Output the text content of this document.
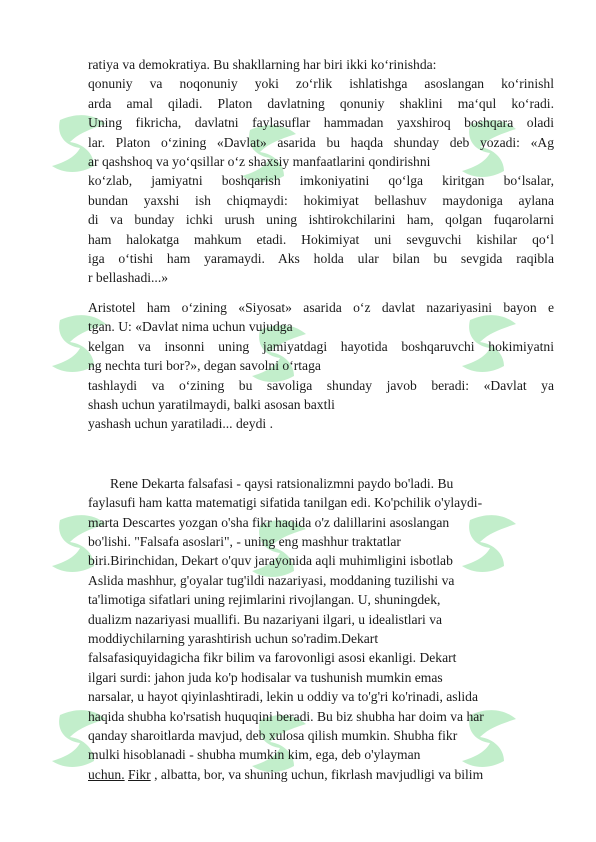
ratiya va demokratiya. Bu shakllarning har biri ikki ko‘rinishda:
qonuniy va noqonuniy yoki zo‘rlik ishlatishga asoslangan ko‘rinishl
arda amal qiladi. Platon davlatning qonuniy shaklini ma‘qul ko‘radi.
Uning fikricha, davlatni faylasuflar hammadan yaxshiroq boshqara oladi
lar. Platon o‘zining «Davlat» asarida bu haqda shunday deb yozadi: «Ag
ar qashshoq va yo‘qsillar o‘z shaxsiy manfaatlarini qondirishni
ko‘zlab, jamiyatni boshqarish imkoniyatini qo‘lga kiritgan bo‘lsalar,
bundan yaxshi ish chiqmaydi: hokimiyat bellashuv maydoniga aylana
di va bunday ichki urush uning ishtirokchilarini ham, qolgan fuqarolarni
ham halokatga mahkum etadi. Hokimiyat uni sevguvchi kishilar qo‘l
iga o‘tishi ham yaramaydi. Aks holda ular bilan bu sevgida raqibla
r bellashadi...»
Aristotel ham o‘zining «Siyosat» asarida o‘z davlat nazariyasini bayon e
tgan. U: «Davlat nima uchun vujudga
kelgan va insonni uning jamiyatdagi hayotida boshqaruvchi hokimiyatni
ng nechta turi bor?», degan savolni o‘rtaga
tashlaydi va o‘zining bu savoliga shunday javob beradi: «Davlat ya
shash uchun yaratilmaydi, balki asosan baxtli
yashash uchun yaratiladi... deydi .
Rene Dekarta falsafasi - qaysi ratsionalizmni paydo bo'ladi. Bu
faylasufi ham katta matematigi sifatida tanilgan edi. Ko'pchilik o'ylaydi-
marta Descartes yozgan o'sha fikr haqida o'z dalillarini asoslangan
bo'lishi. "Falsafa asoslari", - uning eng mashhur traktatlar
biri.Birinchidan, Dekart o'quv jarayonida aqli muhimligini isbotlab
Aslida mashhur, g'oyalar tug'ildi nazariyasi, moddaning tuzilishi va
ta'limotiga sifatlari uning rejimlarini rivojlangan. U, shuningdek,
dualizm nazariyasi muallifi. Bu nazariyani ilgari, u idealistlari va
moddiychilarning yarashtirish uchun so'radim.Dekart
falsafasiquyidagicha fikr bilim va farovonligi asosi ekanligi. Dekart
ilgari surdi: jahon juda ko'p hodisalar va tushunish mumkin emas
narsalar, u hayot qiyinlashtiradi, lekin u oddiy va to'g'ri ko'rinadi, aslida
haqida shubha ko'rsatish huquqini beradi. Bu biz shubha har doim va har
qanday sharoitlarda mavjud, deb xulosa qilish mumkin. Shubha fikr
mulki hisoblanadi - shubha mumkin kim, ega, deb o'ylayman
uchun. Fikr , albatta, bor, va shuning uchun, fikrlash mavjudligi va bilim
